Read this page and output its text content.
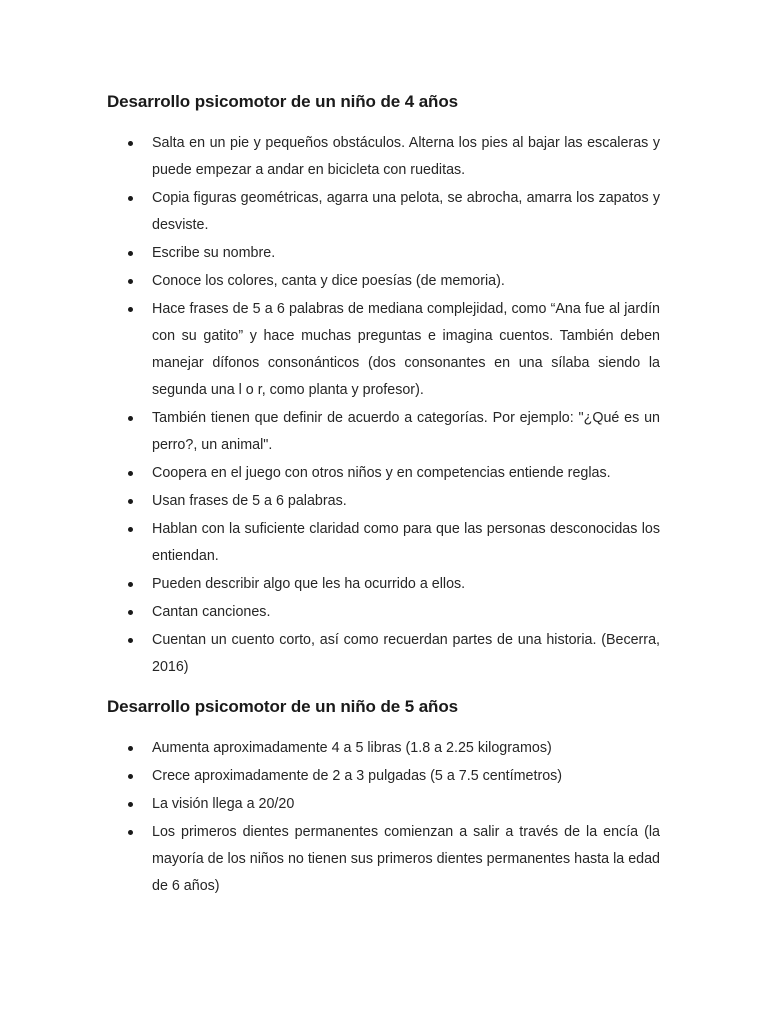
Desarrollo psicomotor de un niño de 4 años
Salta en un pie y pequeños obstáculos. Alterna los pies al bajar las escaleras y puede empezar a andar en bicicleta con rueditas.
Copia figuras geométricas, agarra una pelota, se abrocha, amarra los zapatos y desviste.
Escribe su nombre.
Conoce los colores, canta y dice poesías (de memoria).
Hace frases de 5 a 6 palabras de mediana complejidad, como “Ana fue al jardín con su gatito” y hace muchas preguntas e imagina cuentos. También deben manejar dífonos consonánticos (dos consonantes en una sílaba siendo la segunda una l o r, como planta y profesor).
También tienen que definir de acuerdo a categorías. Por ejemplo: "¿Qué es un perro?, un animal".
Coopera en el juego con otros niños y en competencias entiende reglas.
Usan frases de 5 a 6 palabras.
Hablan con la suficiente claridad como para que las personas desconocidas los entiendan.
Pueden describir algo que les ha ocurrido a ellos.
Cantan canciones.
Cuentan un cuento corto, así como recuerdan partes de una historia. (Becerra, 2016)
Desarrollo psicomotor de un niño de 5 años
Aumenta aproximadamente 4 a 5 libras (1.8 a 2.25 kilogramos)
Crece aproximadamente de 2 a 3 pulgadas (5 a 7.5 centímetros)
La visión llega a 20/20
Los primeros dientes permanentes comienzan a salir a través de la encía (la mayoría de los niños no tienen sus primeros dientes permanentes hasta la edad de 6 años)
